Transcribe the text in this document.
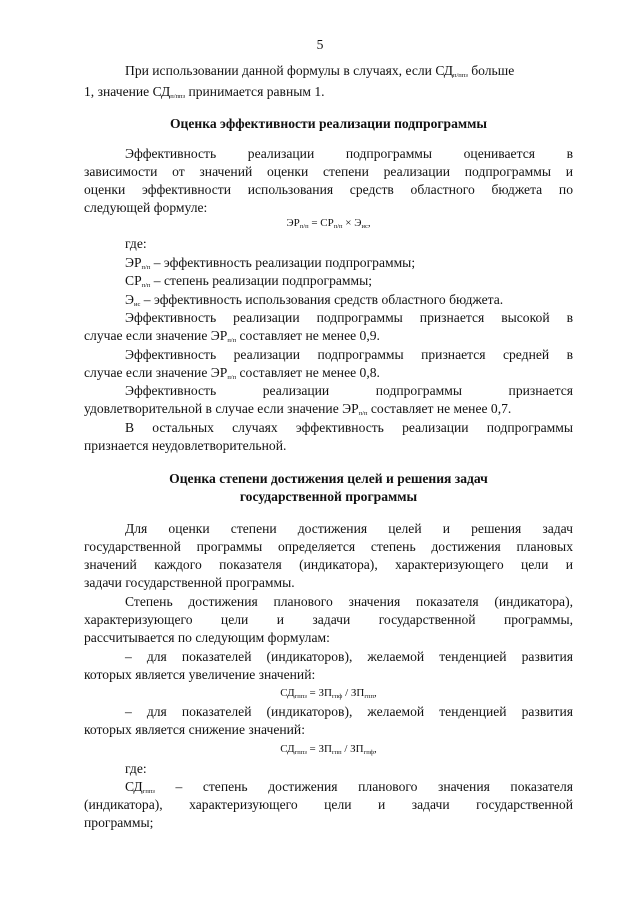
5
При использовании данной формулы в случаях, если $СД_{п/ппз}$ больше
1, значение $СД_{п/ппз}$ принимается равным 1.
Оценка эффективности реализации подпрограммы
Эффективность реализации подпрограммы оценивается в
зависимости от значений оценки степени реализации подпрограммы и
оценки эффективности использования средств областного бюджета по
следующей формуле:
$ЭР_{п/п} = СР_{п/п} \times Э_{ис}$,
где:
$ЭР_{п/п}$ – эффективность реализации подпрограммы;
$СР_{п/п}$ – степень реализации подпрограммы;
$Э_{ис}$ – эффективность использования средств областного бюджета.
Эффективность реализации подпрограммы признается высокой в
случае если значение $ЭР_{п/п}$ составляет не менее 0,9.
Эффективность реализации подпрограммы признается средней в
случае если значение $ЭР_{п/п}$ составляет не менее 0,8.
Эффективность реализации подпрограммы признается
удовлетворительной в случае если значение $ЭР_{п/п}$ составляет не менее 0,7.
В остальных случаях эффективность реализации подпрограммы
признается неудовлетворительной.
Оценка степени достижения целей и решения задач
государственной программы
Для оценки степени достижения целей и решения задач
государственной программы определяется степень достижения плановых
значений каждого показателя (индикатора), характеризующего цели и
задачи государственной программы.
Степень достижения планового значения показателя (индикатора),
характеризующего цели и задачи государственной программы,
рассчитывается по следующим формулам:
– для показателей (индикаторов), желаемой тенденцией развития
которых является увеличение значений:
$СД_{гппз} = ЗП_{гпф} / ЗП_{гпп}$,
– для показателей (индикаторов), желаемой тенденцией развития
которых является снижение значений:
$СД_{гппз} = ЗП_{гпп} / ЗП_{гпф}$,
где:
$СД_{гппз}$ – степень достижения планового значения показателя
(индикатора), характеризующего цели и задачи государственной
программы;
